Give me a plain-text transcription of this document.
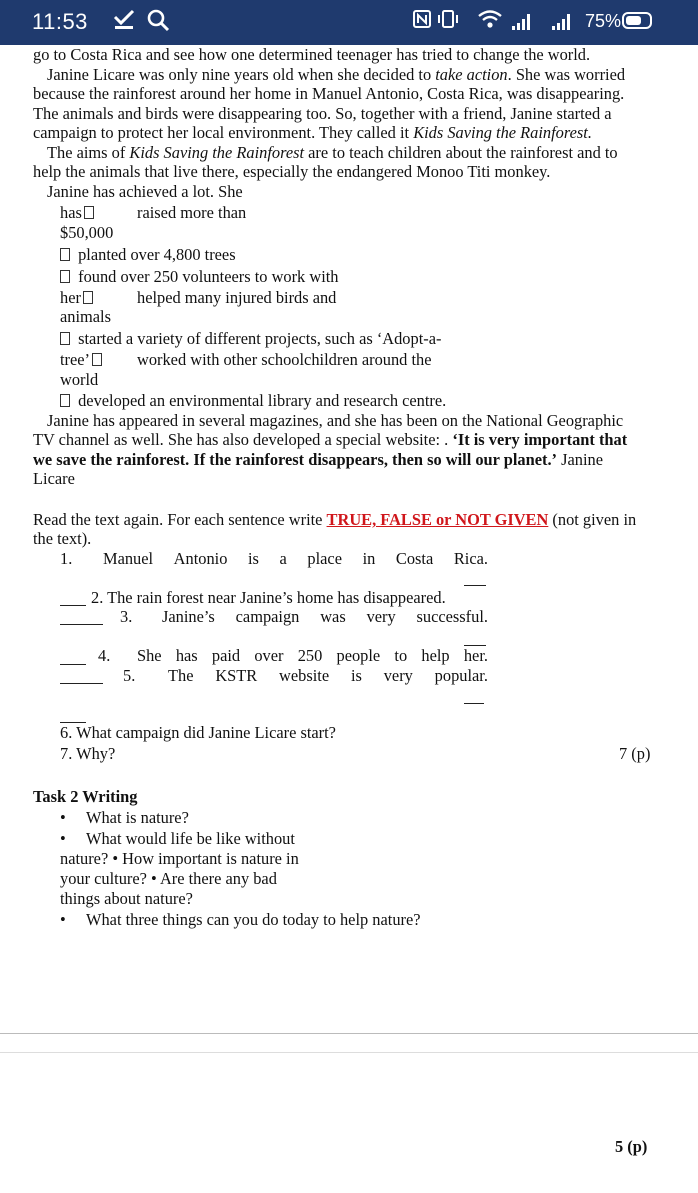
11:53	75%
go to Costa Rica and see how one determined teenager has tried to change the world.
Janine Licare was only nine years old when she decided to take action. She was worried
because the rainforest around her home in Manuel Antonio, Costa Rica, was disappearing.
The animals and birds were disappearing too. So, together with a friend, Janine started a
campaign to protect her local environment. They called it Kids Saving the Rainforest.
The aims of Kids Saving the Rainforest are to teach children about the rainforest and to
help the animals that live there, especially the endangered Monoo Titi monkey.
Janine has achieved a lot. She
has	raised more than
$50,000
planted over 4,800 trees
found over 250 volunteers to work with
her	helped many injured birds and
animals
started a variety of different projects, such as ‘Adopt-a-
tree’	worked with other schoolchildren around the
world
developed an environmental library and research centre.
Janine has appeared in several magazines, and she has been on the National Geographic
TV channel as well. She has also developed a special website: . ‘It is very important that
we save the rainforest. If the rainforest disappears, then so will our planet.’ Janine
Licare
Read the text again. For each sentence write TRUE, FALSE or NOT GIVEN (not given in
the text).
1. Manuel Antonio is a place in Costa Rica.
2. The rain forest near Janine’s home has disappeared.
3. Janine’s campaign was very successful.
4. She has paid over 250 people to help her.
5. The KSTR website is very popular.
6. What campaign did Janine Licare start?
7. Why?	7 (p)
Task 2 Writing
• What is nature?
• What would life be like without
nature? • How important is nature in
your culture? • Are there any bad
things about nature?
• What three things can you do today to help nature?
5 (p)
